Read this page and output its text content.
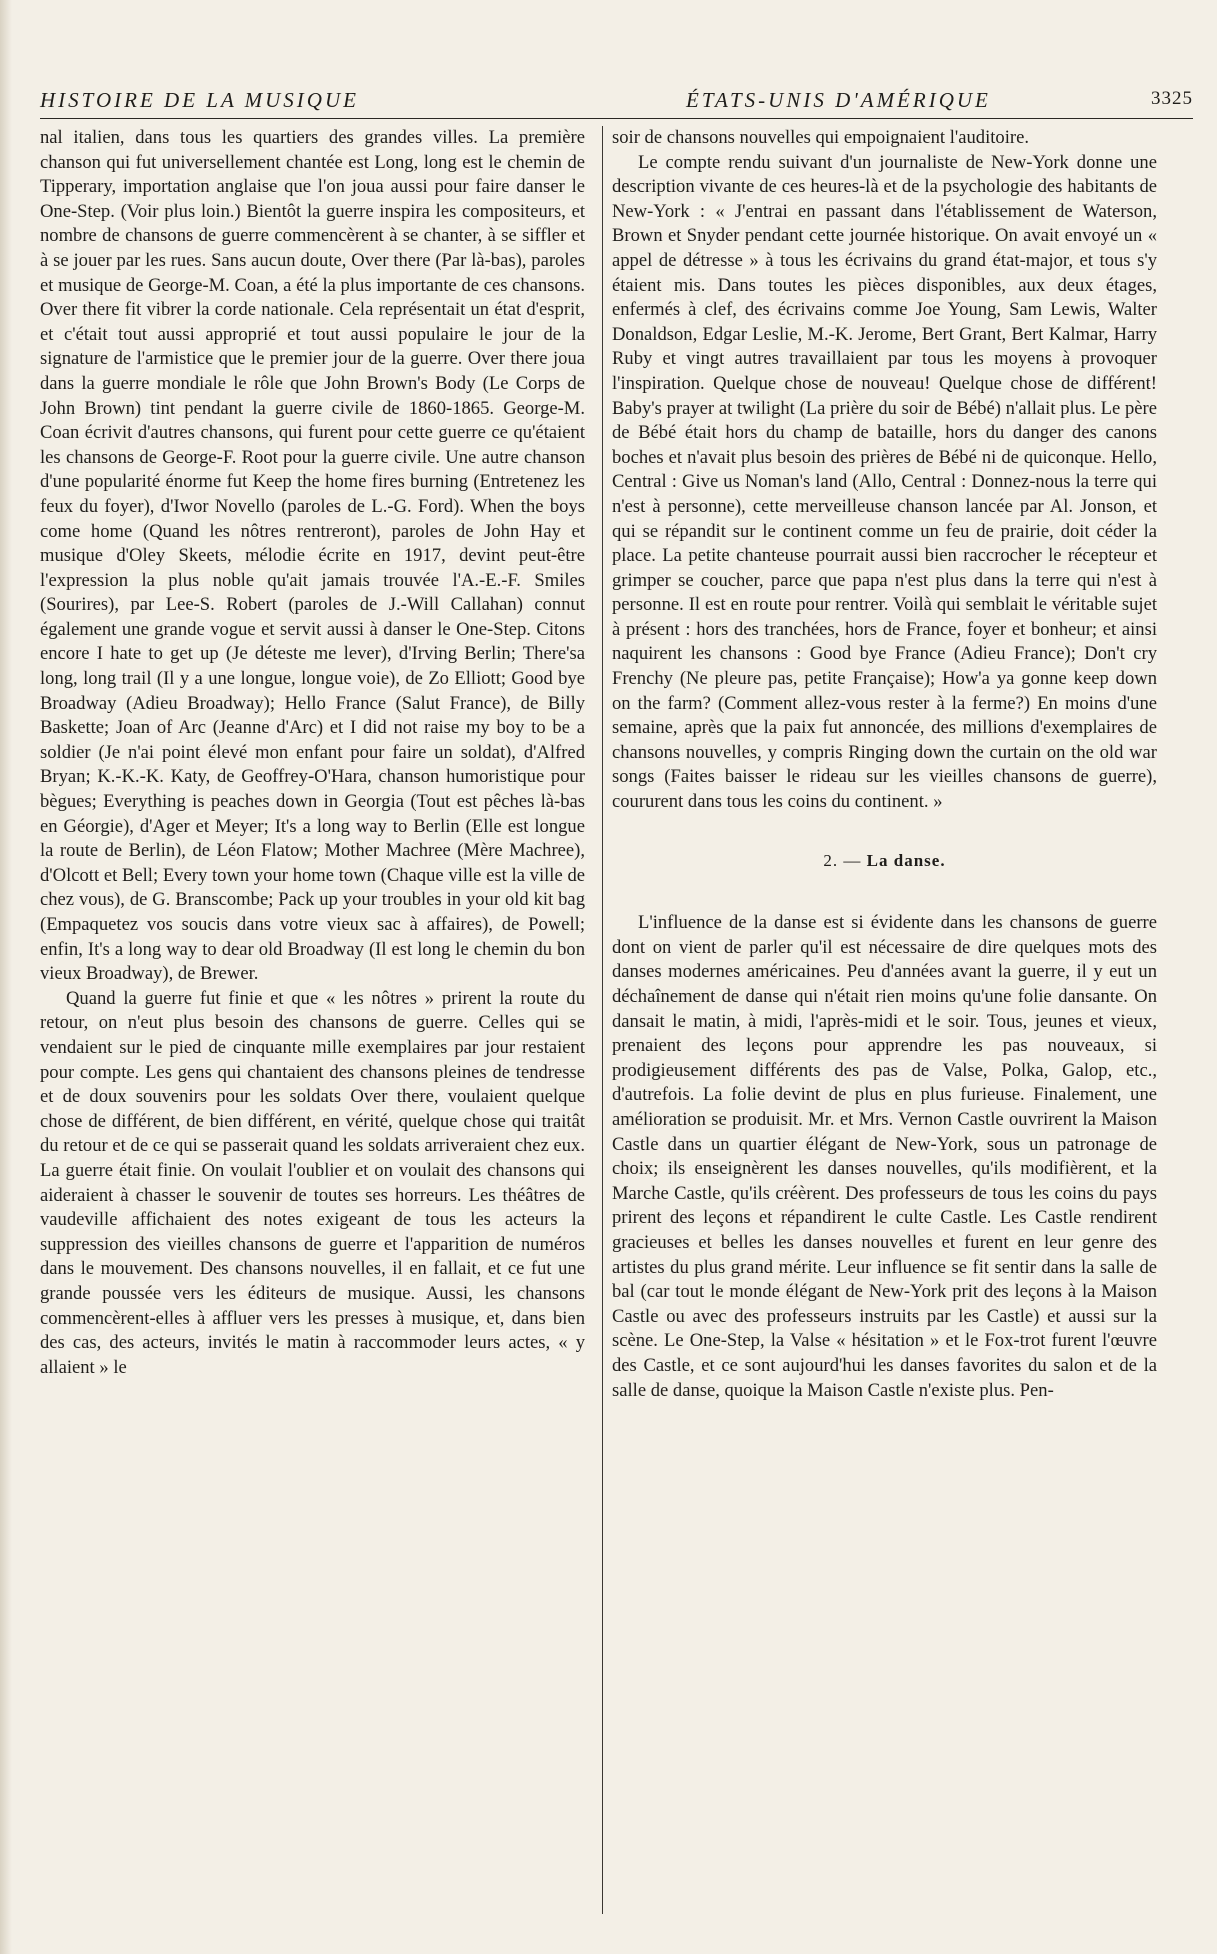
HISTOIRE DE LA MUSIQUE	ÉTATS-UNIS D'AMÉRIQUE	3325

nal italien, dans tous les quartiers des grandes villes. La première chanson qui fut universellement chantée est Long, long est le chemin de Tipperary, importation anglaise que l'on joua aussi pour faire danser le One-Step. (Voir plus loin.) Bientôt la guerre inspira les compositeurs, et nombre de chansons de guerre commencèrent à se chanter, à se siffler et à se jouer par les rues. Sans aucun doute, Over there (Par là-bas), paroles et musique de George-M. Coan, a été la plus importante de ces chansons. Over there fit vibrer la corde nationale. Cela représentait un état d'esprit, et c'était tout aussi approprié et tout aussi populaire le jour de la signature de l'armistice que le premier jour de la guerre. Over there joua dans la guerre mondiale le rôle que John Brown's Body (Le Corps de John Brown) tint pendant la guerre civile de 1860-1865. George-M. Coan écrivit d'autres chansons, qui furent pour cette guerre ce qu'étaient les chansons de George-F. Root pour la guerre civile. Une autre chanson d'une popularité énorme fut Keep the home fires burning (Entretenez les feux du foyer), d'Iwor Novello (paroles de L.-G. Ford). When the boys come home (Quand les nôtres rentreront), paroles de John Hay et musique d'Oley Skeets, mélodie écrite en 1917, devint peut-être l'expression la plus noble qu'ait jamais trouvée l'A.-E.-F. Smiles (Sourires), par Lee-S. Robert (paroles de J.-Will Callahan) connut également une grande vogue et servit aussi à danser le One-Step. Citons encore I hate to get up (Je déteste me lever), d'Irving Berlin; There'sa long, long trail (Il y a une longue, longue voie), de Zo Elliott; Good bye Broadway (Adieu Broadway); Hello France (Salut France), de Billy Baskette; Joan of Arc (Jeanne d'Arc) et I did not raise my boy to be a soldier (Je n'ai point élevé mon enfant pour faire un soldat), d'Alfred Bryan; K.-K.-K. Katy, de Geoffrey-O'Hara, chanson humoristique pour bègues; Everything is peaches down in Georgia (Tout est pêches là-bas en Géorgie), d'Ager et Meyer; It's a long way to Berlin (Elle est longue la route de Berlin), de Léon Flatow; Mother Machree (Mère Machree), d'Olcott et Bell; Every town your home town (Chaque ville est la ville de chez vous), de G. Branscombe; Pack up your troubles in your old kit bag (Empaquetez vos soucis dans votre vieux sac à affaires), de Powell; enfin, It's a long way to dear old Broadway (Il est long le chemin du bon vieux Broadway), de Brewer.

Quand la guerre fut finie et que « les nôtres » prirent la route du retour, on n'eut plus besoin des chansons de guerre. Celles qui se vendaient sur le pied de cinquante mille exemplaires par jour restaient pour compte. Les gens qui chantaient des chansons pleines de tendresse et de doux souvenirs pour les soldats Over there, voulaient quelque chose de différent, de bien différent, en vérité, quelque chose qui traitât du retour et de ce qui se passerait quand les soldats arriveraient chez eux. La guerre était finie. On voulait l'oublier et on voulait des chansons qui aideraient à chasser le souvenir de toutes ses horreurs. Les théâtres de vaudeville affichaient des notes exigeant de tous les acteurs la suppression des vieilles chansons de guerre et l'apparition de numéros dans le mouvement. Des chansons nouvelles, il en fallait, et ce fut une grande poussée vers les éditeurs de musique. Aussi, les chansons commencèrent-elles à affluer vers les presses à musique, et, dans bien des cas, des acteurs, invités le matin à raccommoder leurs actes, « y allaient » le

soir de chansons nouvelles qui empoignaient l'auditoire.

Le compte rendu suivant d'un journaliste de New-York donne une description vivante de ces heures-là et de la psychologie des habitants de New-York : « J'entrai en passant dans l'établissement de Waterson, Brown et Snyder pendant cette journée historique. On avait envoyé un « appel de détresse » à tous les écrivains du grand état-major, et tous s'y étaient mis. Dans toutes les pièces disponibles, aux deux étages, enfermés à clef, des écrivains comme Joe Young, Sam Lewis, Walter Donaldson, Edgar Leslie, M.-K. Jerome, Bert Grant, Bert Kalmar, Harry Ruby et vingt autres travaillaient par tous les moyens à provoquer l'inspiration. Quelque chose de nouveau! Quelque chose de différent! Baby's prayer at twilight (La prière du soir de Bébé) n'allait plus. Le père de Bébé était hors du champ de bataille, hors du danger des canons boches et n'avait plus besoin des prières de Bébé ni de quiconque. Hello, Central : Give us Noman's land (Allo, Central : Donnez-nous la terre qui n'est à personne), cette merveilleuse chanson lancée par Al. Jonson, et qui se répandit sur le continent comme un feu de prairie, doit céder la place. La petite chanteuse pourrait aussi bien raccrocher le récepteur et grimper se coucher, parce que papa n'est plus dans la terre qui n'est à personne. Il est en route pour rentrer. Voilà qui semblait le véritable sujet à présent : hors des tranchées, hors de France, foyer et bonheur; et ainsi naquirent les chansons : Good bye France (Adieu France); Don't cry Frenchy (Ne pleure pas, petite Française); How'a ya gonne keep down on the farm? (Comment allez-vous rester à la ferme?) En moins d'une semaine, après que la paix fut annoncée, des millions d'exemplaires de chansons nouvelles, y compris Ringing down the curtain on the old war songs (Faites baisser le rideau sur les vieilles chansons de guerre), coururent dans tous les coins du continent. »

2. — La danse.

L'influence de la danse est si évidente dans les chansons de guerre dont on vient de parler qu'il est nécessaire de dire quelques mots des danses modernes américaines. Peu d'années avant la guerre, il y eut un déchaînement de danse qui n'était rien moins qu'une folie dansante. On dansait le matin, à midi, l'après-midi et le soir. Tous, jeunes et vieux, prenaient des leçons pour apprendre les pas nouveaux, si prodigieusement différents des pas de Valse, Polka, Galop, etc., d'autrefois. La folie devint de plus en plus furieuse. Finalement, une amélioration se produisit. Mr. et Mrs. Vernon Castle ouvrirent la Maison Castle dans un quartier élégant de New-York, sous un patronage de choix; ils enseignèrent les danses nouvelles, qu'ils modifièrent, et la Marche Castle, qu'ils créèrent. Des professeurs de tous les coins du pays prirent des leçons et répandirent le culte Castle. Les Castle rendirent gracieuses et belles les danses nouvelles et furent en leur genre des artistes du plus grand mérite. Leur influence se fit sentir dans la salle de bal (car tout le monde élégant de New-York prit des leçons à la Maison Castle ou avec des professeurs instruits par les Castle) et aussi sur la scène. Le One-Step, la Valse « hésitation » et le Fox-trot furent l'œuvre des Castle, et ce sont aujourd'hui les danses favorites du salon et de la salle de danse, quoique la Maison Castle n'existe plus. Pen-
